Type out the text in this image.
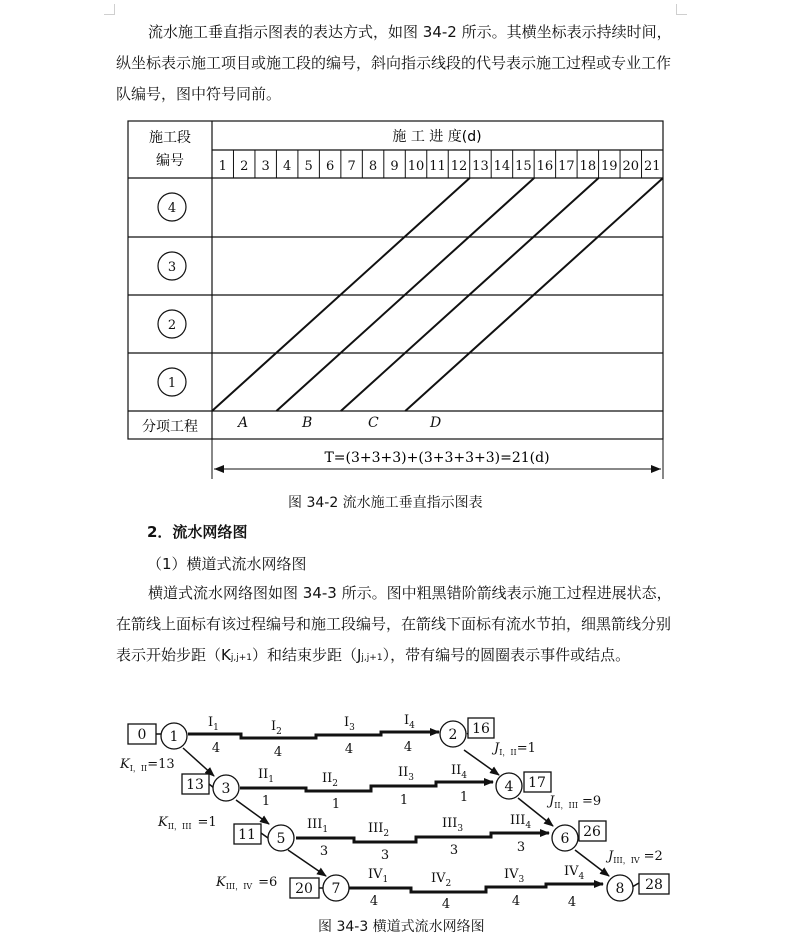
流水施工垂直指示图表的表达方式，如图 34-2 所示。其横坐标表示持续时间，纵坐标表示施工项目或施工段的编号，斜向指示线段的代号表示施工过程或专业工作队编号，图中符号同前。

1 2 3 4 5 6 7 8 9 10 11 12 13 14 15 16 17 18 19 20 21
施工段
编号
施 工 进 度(d)
4
3
2
1
分项工程	A	B	C	D
T=(3+3+3)+(3+3+3+3)=21(d)
图 34-2 流水施工垂直指示图表
2．流水网络图
（1）横道式流水网络图

横道式流水网络图如图 34-3 所示。图中粗黑错阶箭线表示施工过程进展状态，在箭线上面标有该过程编号和施工段编号，在箭线下面标有流水节拍，细黑箭线分别表示开始步距（Kj,j+1）和结束步距（Jj,j+1），带有编号的圆圈表示事件或结点。

1	2
3	4
5	6
7	8
0	16
13	17
11	26
20	28
$I_1$	$I_2$
$I_3$	$I_4$
$II_1$	$II_2$
$II_3$	$II_4$
$III_1$	$III_2$
$III_3$
$III_4$
$IV_1$	$IV_2$
$IV_3$
$IV_4$
4	4	4	4
1	1	1	1
3	3	3	3
4	4	4	4
$K_{I,II}=13$
$K_{II,III} =1$
$K_{III,IV} =6$
$J_{I,II}=1$
$J_{II,III} =9$
$J_{III,IV} =2$
图 34-3 横道式流水网络图
